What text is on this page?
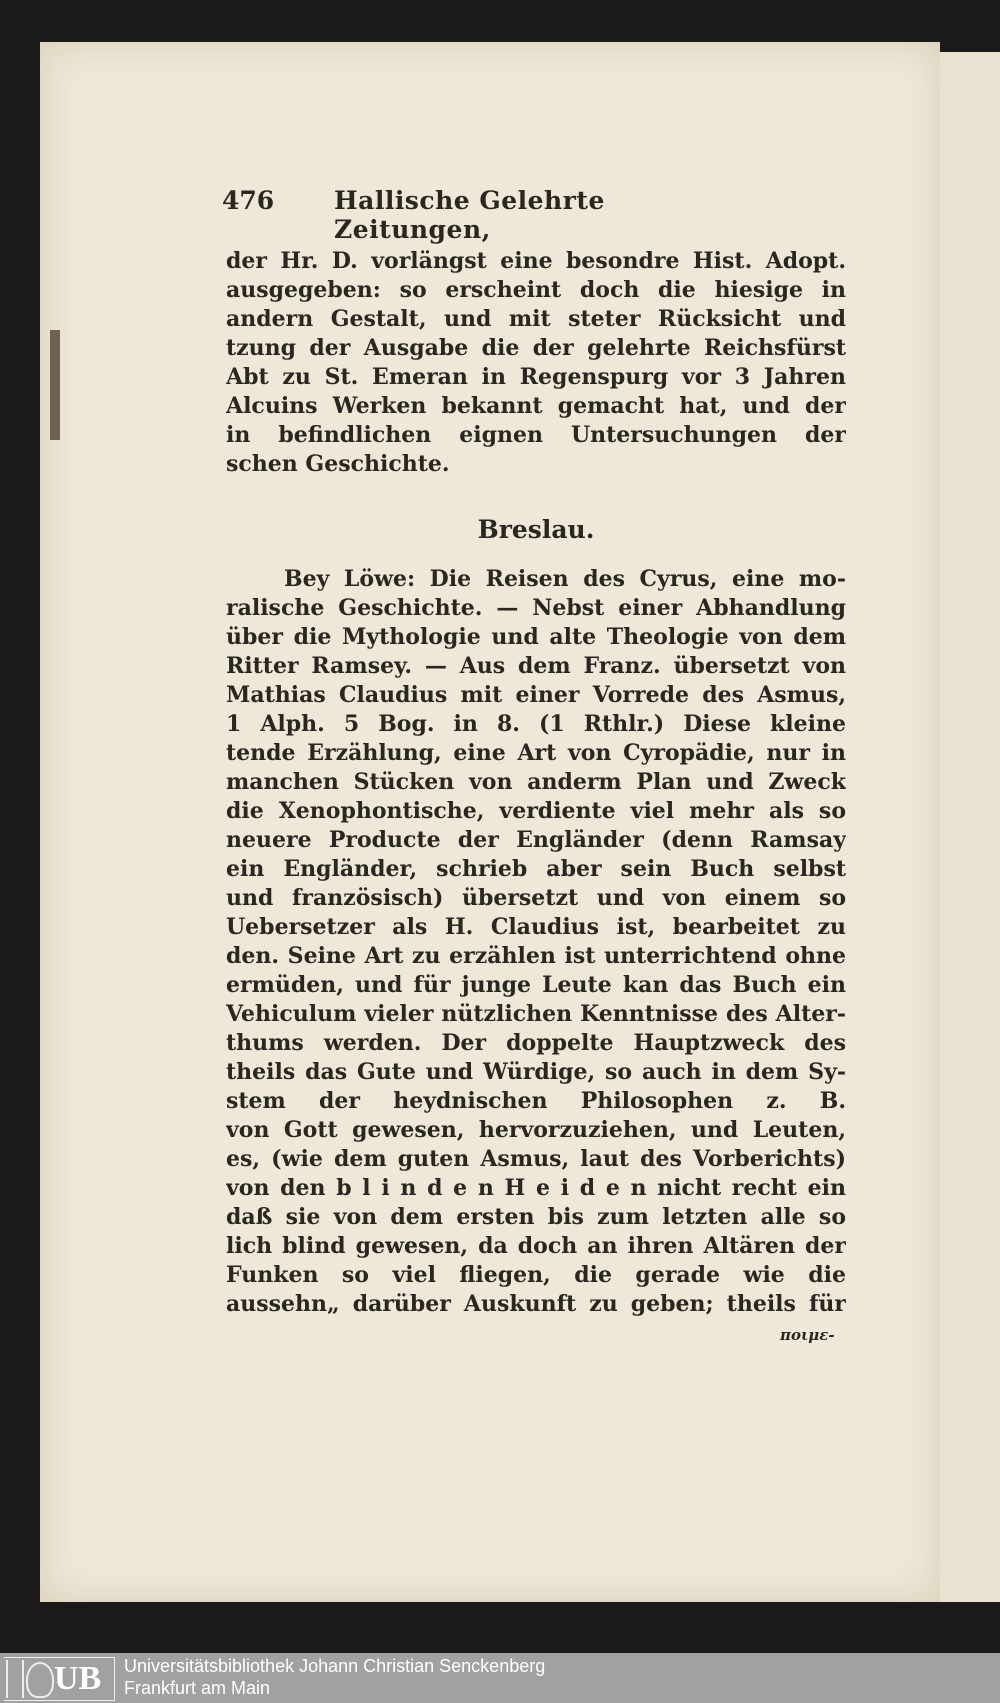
476 Hallische Gelehrte Zeitungen,
der Hr. D. vorlängst eine besondre Hist. Adopt.
ausgegeben: so erscheint doch die hiesige in
andern Gestalt, und mit steter Rücksicht und
tzung der Ausgabe die der gelehrte Reichsfürst
Abt zu St. Emeran in Regenspurg vor 3 Jahren
Alcuins Werken bekannt gemacht hat, und der
in befindlichen eignen Untersuchungen der
schen Geschichte.
Breslau.
Bey Löwe: Die Reisen des Cyrus, eine mo-
ralische Geschichte. — Nebst einer Abhandlung
über die Mythologie und alte Theologie von dem
Ritter Ramsey. — Aus dem Franz. übersetzt von
Mathias Claudius mit einer Vorrede des Asmus,
1 Alph. 5 Bog. in 8. (1 Rthlr.) Diese kleine
tende Erzählung, eine Art von Cyropädie, nur in
manchen Stücken von anderm Plan und Zweck
die Xenophontische, verdiente viel mehr als so
neuere Producte der Engländer (denn Ramsay
ein Engländer, schrieb aber sein Buch selbst
und französisch) übersetzt und von einem so
Uebersetzer als H. Claudius ist, bearbeitet zu
den. Seine Art zu erzählen ist unterrichtend ohne
ermüden, und für junge Leute kan das Buch ein
Vehiculum vieler nützlichen Kenntnisse des Alter-
thums werden. Der doppelte Hauptzweck des
theils das Gute und Würdige, so auch in dem Sy-
stem der heydnischen Philosophen z. B.
von Gott gewesen, hervorzuziehen, und Leuten,
es, (wie dem guten Asmus, laut des Vorberichts)
von den b l i n d e n H e i d e n nicht recht ein
daß sie von dem ersten bis zum letzten alle so
lich blind gewesen, da doch an ihren Altären der
Funken so viel fliegen, die gerade wie die
aussehn„ darüber Auskunft zu geben; theils für
ποιμε-
UB Universitätsbibliothek Johann Christian Senckenberg
Frankfurt am Main
